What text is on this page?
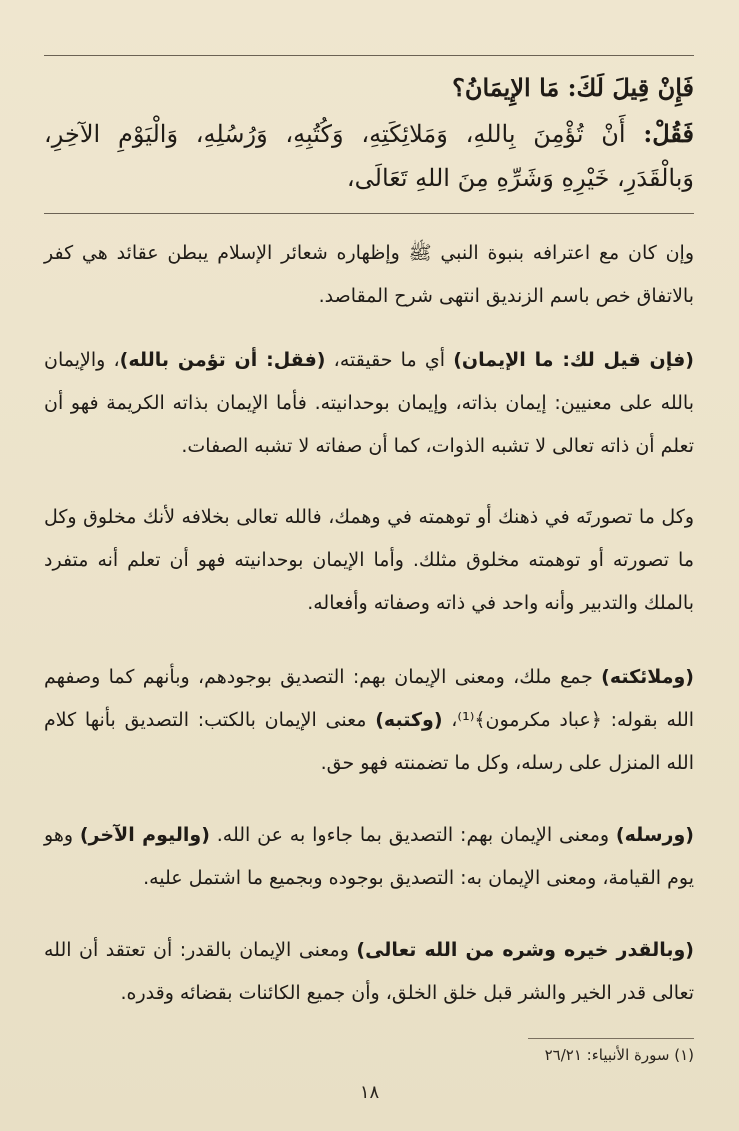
فَإِنْ قِيلَ لَكَ: مَا الإِيمَانُ؟
فَقُلْ: أَنْ تُؤْمِنَ بِاللهِ، وَمَلائِكَتِهِ، وَكُتُبِهِ، وَرُسُلِهِ، وَالْيَوْمِ الآخِرِ، وَبالْقَدَرِ، خَيْرِهِ وَشَرِّهِ مِنَ اللهِ تَعَالَى،

وإن كان مع اعترافه بنبوة النبي ﷺ وإظهاره شعائر الإسلام يبطن عقائد هي كفر بالاتفاق خص باسم الزنديق انتهى شرح المقاصد.

(فإن قيل لك: ما الإيمان) أي ما حقيقته، (فقل: أن تؤمن بالله)، والإيمان بالله على معنيين: إيمان بذاته، وإيمان بوحدانيته. فأما الإيمان بذاته الكريمة فهو أن تعلم أن ذاته تعالى لا تشبه الذوات، كما أن صفاته لا تشبه الصفات.

وكل ما تصورتَه في ذهنك أو توهمته في وهمك، فالله تعالى بخلافه لأنك مخلوق وكل ما تصورته أو توهمته مخلوق مثلك. وأما الإيمان بوحدانيته فهو أن تعلم أنه متفرد بالملك والتدبير وأنه واحد في ذاته وصفاته وأفعاله.

(وملائكته) جمع ملك، ومعنى الإيمان بهم: التصديق بوجودهم، وبأنهم كما وصفهم الله بقوله: ﴿عباد مكرمون﴾⁽¹⁾، (وكتبه) معنى الإيمان بالكتب: التصديق بأنها كلام الله المنزل على رسله، وكل ما تضمنته فهو حق.

(ورسله) ومعنى الإيمان بهم: التصديق بما جاءوا به عن الله. (واليوم الآخر) وهو يوم القيامة، ومعنى الإيمان به: التصديق بوجوده وبجميع ما اشتمل عليه.

(وبالقدر خيره وشره من الله تعالى) ومعنى الإيمان بالقدر: أن تعتقد أن الله تعالى قدر الخير والشر قبل خلق الخلق، وأن جميع الكائنات بقضائه وقدره.

(١) سورة الأنبياء: ٢٦/٢١
١٨
